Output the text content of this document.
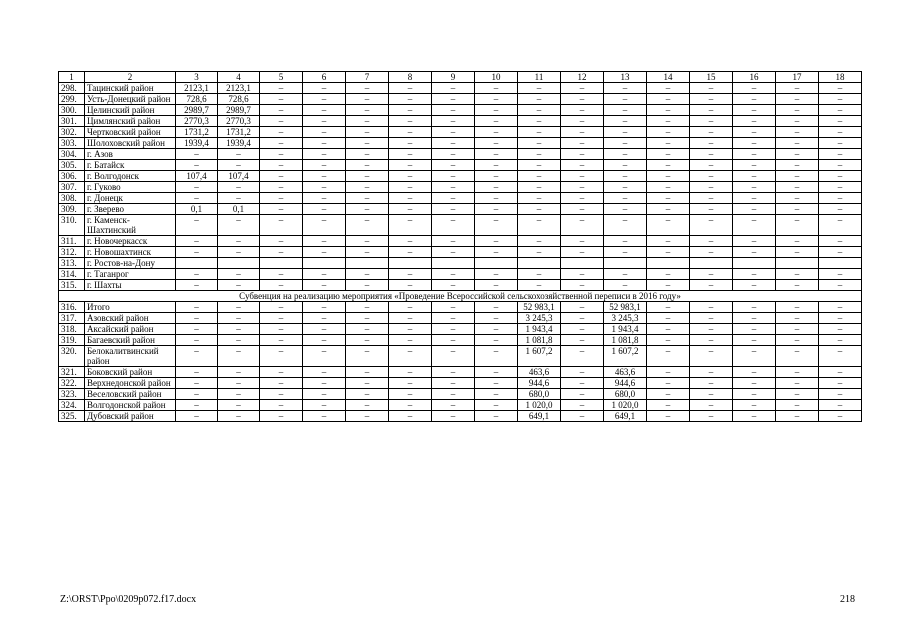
1	2	3	4	5	6	7	8	9	10	11	12	13	14	15	16	17	18
298.	Тацинский район	2123,1	2123,1	–	–	–	–	–	–	–	–	–	–	–	–	–	–
299.	Усть-Донецкий район	728,6	728,6	–	–	–	–	–	–	–	–	–	–	–	–	–	–
300.	Целинский район	2989,7	2989,7	–	–	–	–	–	–	–	–	–	–	–	–	–	–
301.	Цимлянский район	2770,3	2770,3	–	–	–	–	–	–	–	–	–	–	–	–	–	–
302.	Чертковский район	1731,2	1731,2	–	–	–	–	–	–	–	–	–	–	–	–	–	–
303.	Шолоховский район	1939,4	1939,4	–	–	–	–	–	–	–	–	–	–	–	–	–	–
304.	г. Азов	–	–	–	–	–	–	–	–	–	–	–	–	–	–	–	–
305.	г. Батайск	–	–	–	–	–	–	–	–	–	–	–	–	–	–	–	–
306.	г. Волгодонск	107,4	107,4	–	–	–	–	–	–	–	–	–	–	–	–	–	–
307.	г. Гуково	–	–	–	–	–	–	–	–	–	–	–	–	–	–	–	–
308.	г. Донецк	–	–	–	–	–	–	–	–	–	–	–	–	–	–	–	–
309.	г. Зверево	0,1	0,1	–	–	–	–	–	–	–	–	–	–	–	–	–	–
310.	г. Каменск-Шахтинский	–	–	–	–	–	–	–	–	–	–	–	–	–	–	–	–
311.	г. Новочеркасск	–	–	–	–	–	–	–	–	–	–	–	–	–	–	–	–
312.	г. Новошахтинск	–	–	–	–	–	–	–	–	–	–	–	–	–	–	–	–
313.	г. Ростов-на-Дону																
314.	г. Таганрог	–	–	–	–	–	–	–	–	–	–	–	–	–	–	–	–
315.	г. Шахты	–	–	–	–	–	–	–	–	–	–	–	–	–	–	–	–
Субвенция на реализацию мероприятия «Проведение Всероссийской сельскохозяйственной переписи в 2016 году»																	
316.	Итого	–	–	–	–	–	–	–	–	52 983,1	–	52 983,1	–	–	–	–	–
317.	Азовский район	–	–	–	–	–	–	–	–	3 245,3	–	3 245,3	–	–	–	–	–
318.	Аксайский район	–	–	–	–	–	–	–	–	1 943,4	–	1 943,4	–	–	–	–	–
319.	Багаевский район	–	–	–	–	–	–	–	–	1 081,8	–	1 081,8	–	–	–	–	–
320.	Белокалитвинский район	–	–	–	–	–	–	–	–	1 607,2	–	1 607,2	–	–	–	–	–
321.	Боковский район	–	–	–	–	–	–	–	–	463,6	–	463,6	–	–	–	–	–
322.	Верхнедонской район	–	–	–	–	–	–	–	–	944,6	–	944,6	–	–	–	–	–
323.	Веселовский район	–	–	–	–	–	–	–	–	680,0	–	680,0	–	–	–	–	–
324.	Волгодонской район	–	–	–	–	–	–	–	–	1 020,0	–	1 020,0	–	–	–	–	–
325.	Дубовский район	–	–	–	–	–	–	–	–	649,1	–	649,1	–	–	–	–	–
Z:\ORST\Ppo\0209p072.f17.docx	218
